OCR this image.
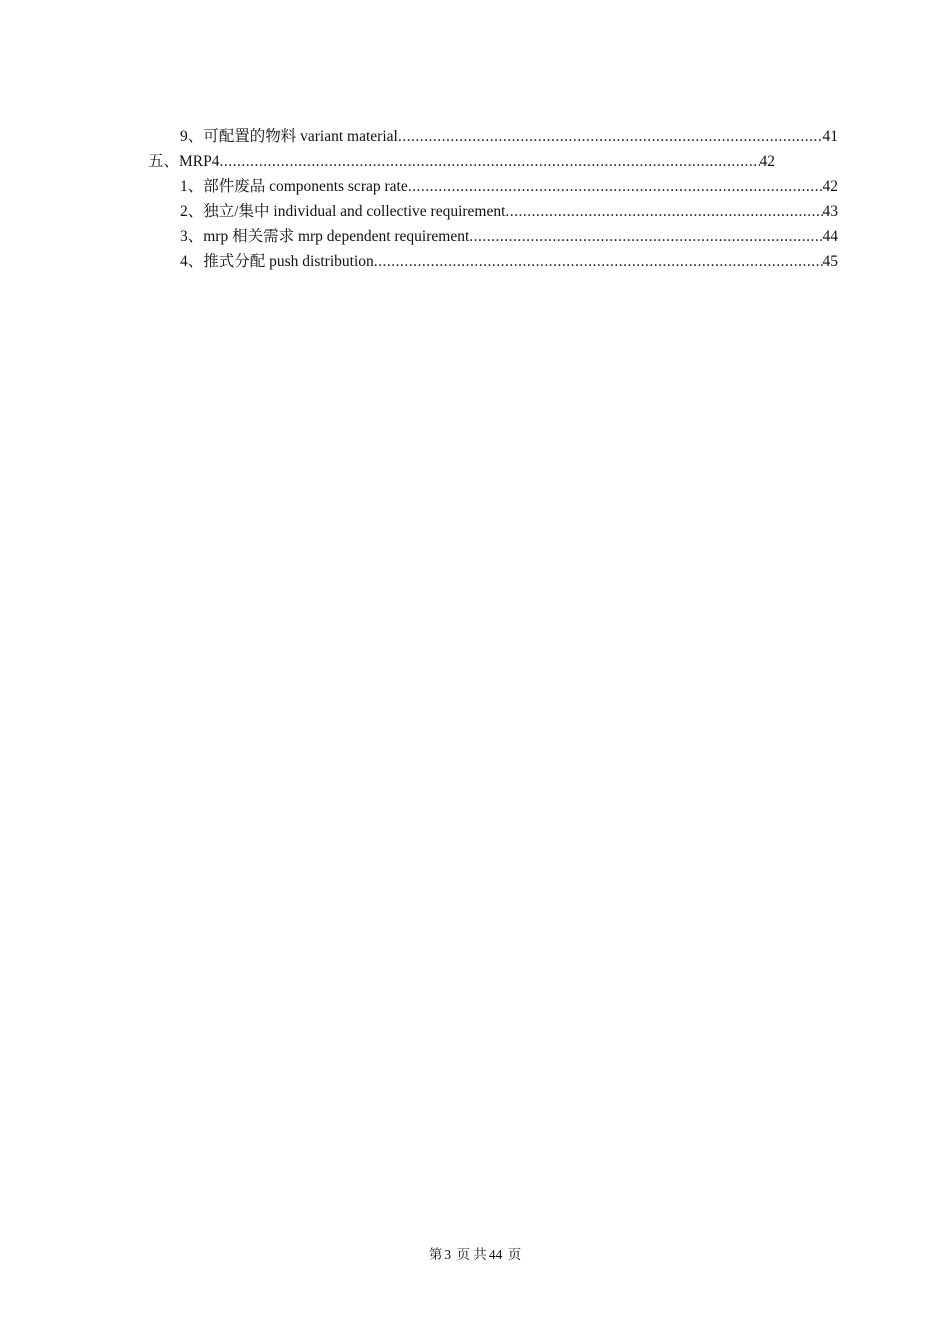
9、可配置的物料 variant material .....	41
五、MRP4 .....	42
1、部件废品 components scrap rate .....	42
2、独立/集中 individual and collective requirement .....	43
3、mrp 相关需求 mrp dependent requirement .....	44
4、推式分配 push distribution .....	45
第 3 页 共 44 页
